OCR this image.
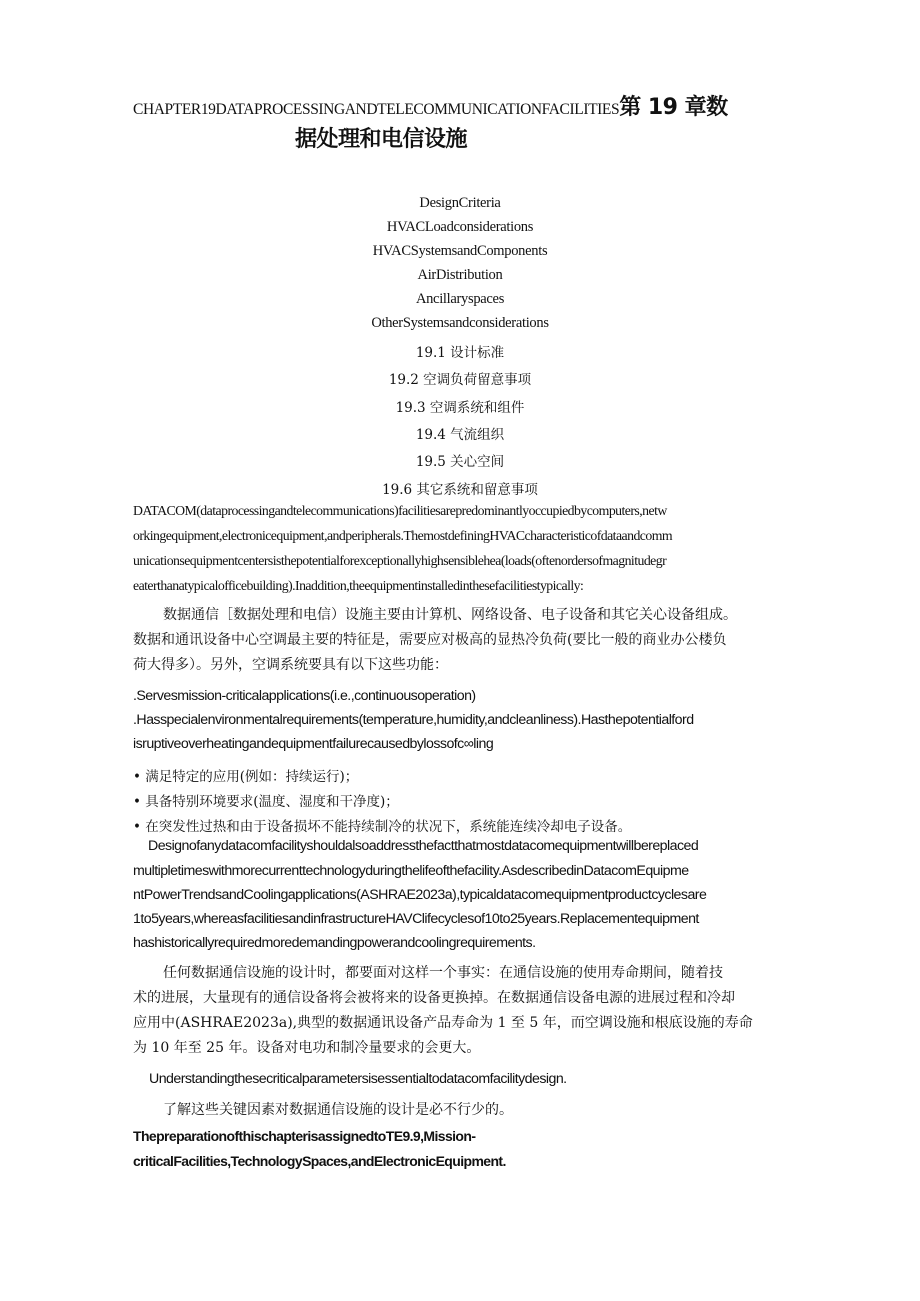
CHAPTER19DATAPROCESSINGANDTELECOMMUNICATIONFACILITIES第 19 章数
据处理和电信设施
DesignCriteria
HVACLoadconsiderations
HVACSystemsandComponents
AirDistribution
Ancillaryspaces
OtherSystemsandconsiderations
19.1 设计标准
19.2 空调负荷留意事项
19.3 空调系统和组件
19.4 气流组织
19.5 关心空间
19.6 其它系统和留意事项
DATACOM(dataprocessingandtelecommunications)facilitiesarepredominantlyoccupiedbycomputers,netw
orkingequipment,electronicequipment,andperipherals.ThemostdefiningHVACcharacteristicofdataandcomm
unicationsequipmentcentersisthepotentialforexceptionallyhighsensiblehea(loads(oftenordersofmagnitudegr
eaterthanatypicalofficebuilding).Inaddition,theequipmentinstalledinthesefacilitiestypically:
数据通信［数据处理和电信）设施主要由计算机、网络设备、电子设备和其它关心设备组成。
数据和通讯设备中心空调最主要的特征是，需要应对极高的显热冷负荷(要比一般的商业办公楼负
荷大得多）。另外，空调系统要具有以下这些功能：
.Servesmission-criticalapplications(i.e.,continuousoperation)
.Hasspecialenvironmentalrequirements(temperature,humidity,andcleanliness).Hasthepotentialford
isruptiveoverheatingandequipmentfailurecausedbylossofc∞ling
• 满足特定的应用(例如：持续运行)；
• 具备特别环境要求(温度、湿度和干净度)；
• 在突发性过热和由于设备损坏不能持续制冷的状况下，系统能连续冷却电子设备。
Designofanydatacomfacilityshouldalsoaddressthefactthatmostdatacomequipmentwillbereplaced
multipletimeswithmorecurrenttechnologyduringthelifeofthefacility.AsdescribedinDatacomEquipme
ntPowerTrendsandCoolingapplications(ASHRAE2023a),typicaldatacomequipmentproductcyclesare
1to5years,whereasfacilitiesandinfrastructureHAVClifecyclesof10to25years.Replacementequipment
hashistoricallyrequiredmoredemandingpowerandcoolingrequirements.
任何数据通信设施的设计时，都要面对这样一个事实：在通信设施的使用寿命期间，随着技
术的进展，大量现有的通信设备将会被将来的设备更换掉。在数据通信设备电源的进展过程和冷却
应用中(ASHRAE2023a),典型的数据通讯设备产品寿命为 1 至 5 年，而空调设施和根底设施的寿命
为 10 年至 25 年。设备对电功和制冷量要求的会更大。
Understandingthesecriticalparametersisessentialtodatacomfacilitydesign.
了解这些关键因素对数据通信设施的设计是必不行少的。
ThepreparationofthischapterisassignedtoTE9.9,Mission-
criticalFacilities,TechnologySpaces,andElectronicEquipment.
